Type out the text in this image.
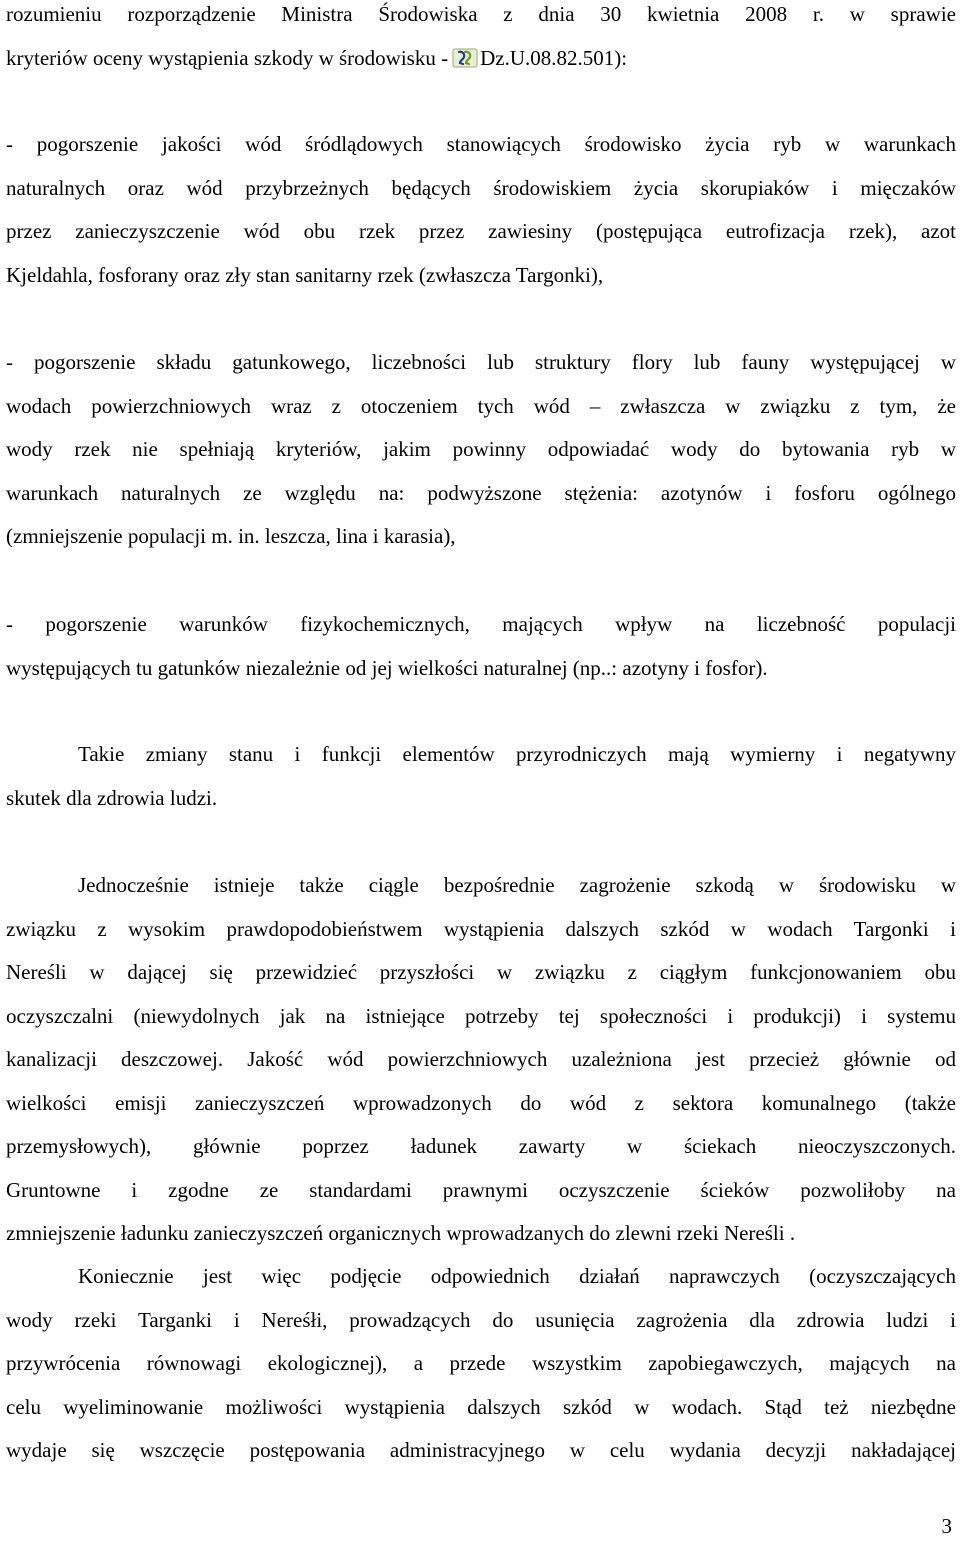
rozumieniu rozporządzenie Ministra Środowiska z dnia 30 kwietnia 2008 r. w sprawie
kryteriów oceny wystąpienia szkody w środowisku - Dz.U.08.82.501):
- pogorszenie jakości wód śródlądowych stanowiących środowisko życia ryb w warunkach
naturalnych oraz wód przybrzeżnych będących środowiskiem życia skorupiaków i mięczaków
przez zanieczyszczenie wód obu rzek przez zawiesiny (postępująca eutrofizacja rzek), azot
Kjeldahla, fosforany oraz zły stan sanitarny rzek (zwłaszcza Targonki),
- pogorszenie składu gatunkowego, liczebności lub struktury flory lub fauny występującej w
wodach powierzchniowych wraz z otoczeniem tych wód – zwłaszcza w związku z tym, że
wody rzek nie spełniają kryteriów, jakim powinny odpowiadać wody do bytowania ryb w
warunkach naturalnych ze względu na: podwyższone stężenia: azotynów i fosforu ogólnego
(zmniejszenie populacji m. in. leszcza, lina i karasia),
- pogorszenie warunków fizykochemicznych, mających wpływ na liczebność populacji
występujących tu gatunków niezależnie od jej wielkości naturalnej (np..: azotyny i fosfor).
Takie zmiany stanu i funkcji elementów przyrodniczych mają wymierny i negatywny
skutek dla zdrowia ludzi.
Jednocześnie istnieje także ciągle bezpośrednie zagrożenie szkodą w środowisku w
związku z wysokim prawdopodobieństwem wystąpienia dalszych szkód w wodach Targonki i
Nereśli w dającej się przewidzieć przyszłości w związku z ciągłym funkcjonowaniem obu
oczyszczalni (niewydolnych jak na istniejące potrzeby tej społeczności i produkcji) i systemu
kanalizacji deszczowej. Jakość wód powierzchniowych uzależniona jest przecież głównie od
wielkości emisji zanieczyszczeń wprowadzonych do wód z sektora komunalnego (także
przemysłowych), głównie poprzez ładunek zawarty w ściekach nieoczyszczonych.
Gruntowne i zgodne ze standardami prawnymi oczyszczenie ścieków pozwoliłoby na
zmniejszenie ładunku zanieczyszczeń organicznych wprowadzanych do zlewni rzeki Nereśli .
Koniecznie jest więc podjęcie odpowiednich działań naprawczych (oczyszczających
wody rzeki Targanki i Nereśłi, prowadzących do usunięcia zagrożenia dla zdrowia ludzi i
przywrócenia równowagi ekologicznej), a przede wszystkim zapobiegawczych, mających na
celu wyeliminowanie możliwości wystąpienia dalszych szkód w wodach. Stąd też niezbędne
wydaje się wszczęcie postępowania administracyjnego w celu wydania decyzji nakładającej
3
